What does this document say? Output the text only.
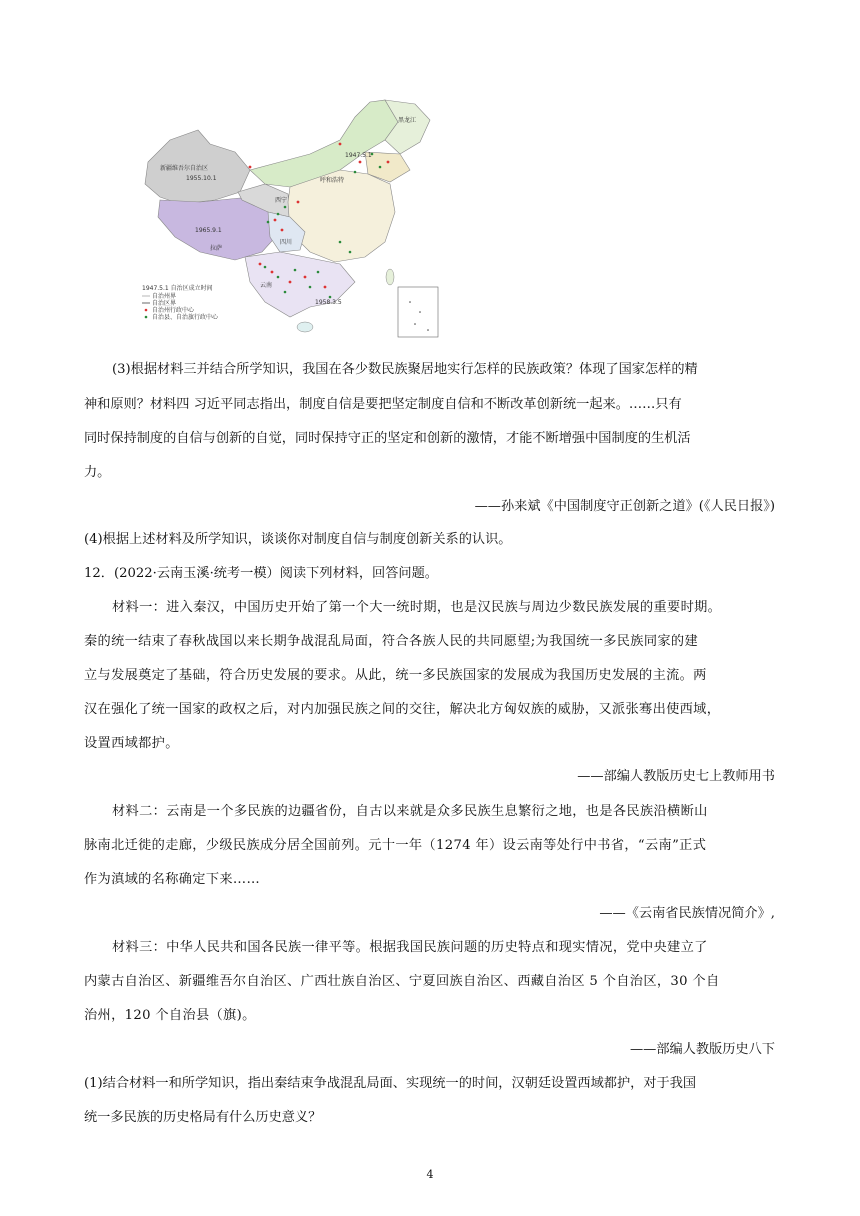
新疆维吾尔自治区
1955.10.1
1947.5.1
黑龙江
呼和浩特
西宁
1965.9.1
拉萨
四川
云南
1958.3.5
1947.5.1 自治区成立时间
自治州界
自治区界
自治州行政中心
自治县、自治旗行政中心
(3)根据材料三并结合所学知识，我国在各少数民族聚居地实行怎样的民族政策？体现了国家怎样的精
神和原则？材料四 习近平同志指出，制度自信是要把坚定制度自信和不断改革创新统一起来。……只有
同时保持制度的自信与创新的自觉，同时保持守正的坚定和创新的激情，才能不断增强中国制度的生机活
力。
——孙来斌《中国制度守正创新之道》(《人民日报》)
(4)根据上述材料及所学知识，谈谈你对制度自信与制度创新关系的认识。
12．(2022·云南玉溪·统考一模）阅读下列材料，回答问题。
材料一：进入秦汉，中国历史开始了第一个大一统时期，也是汉民族与周边少数民族发展的重要时期。
秦的统一结束了春秋战国以来长期争战混乱局面，符合各族人民的共同愿望;为我国统一多民族同家的建
立与发展奠定了基础，符合历史发展的要求。从此，统一多民族国家的发展成为我国历史发展的主流。两
汉在强化了统一国家的政权之后，对内加强民族之间的交往，解决北方匈奴族的威胁，又派张骞出使西域，
设置西域都护。
——部编人教版历史七上教师用书
材料二：云南是一个多民族的边疆省份，自古以来就是众多民族生息繁衍之地，也是各民族沿横断山
脉南北迁徙的走廊，少级民族成分居全国前列。元十一年（1274 年）设云南等处行中书省，“云南”正式
作为滇域的名称确定下来……
——《云南省民族情况简介》,
材料三：中华人民共和国各民族一律平等。根据我国民族问题的历史特点和现实情况，党中央建立了
内蒙古自治区、新疆维吾尔自治区、广西壮族自治区、宁夏回族自治区、西藏自治区 5 个自治区，30 个自
治州，120 个自治县（旗)。
——部编人教版历史八下
(1)结合材料一和所学知识，指出秦结束争战混乱局面、实现统一的时间，汉朝廷设置西域都护，对于我国
统一多民族的历史格局有什么历史意义？
4
